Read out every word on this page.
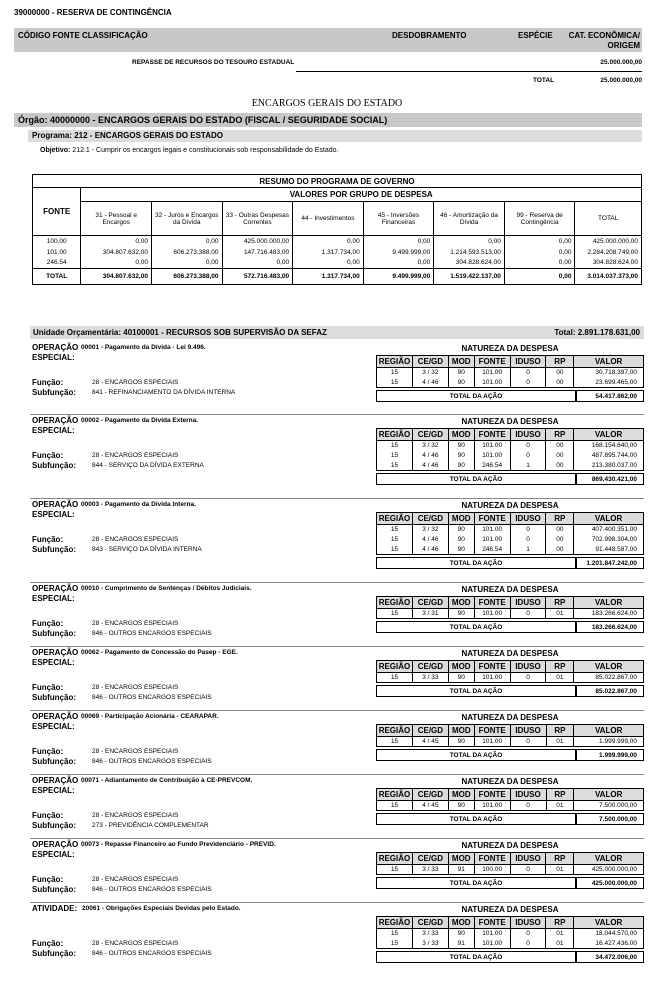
39000000 - RESERVA DE CONTINGÊNCIA
CÓDIGO FONTE CLASSIFICAÇÃO	DESDOBRAMENTO	ESPÉCIE CAT. ECONÔMICA/
ORIGEM
REPASSE DE RECURSOS DO TESOURO ESTADUAL	25.000.000,00
TOTAL	25.000.000,00
ENCARGOS GERAIS DO ESTADO
Órgão: 40000000 - ENCARGOS GERAIS DO ESTADO (FISCAL / SEGURIDADE SOCIAL)
Programa: 212 - ENCARGOS GERAIS DO ESTADO
Objetivo: 212.1 - Cumprir os encargos legais e constitucionais sob responsabilidade do Estado.
RESUMO DO PROGRAMA DE GOVERNO								
FONTE	VALORES POR GRUPO DE DESPESA							
	31 - Pessoal e Encargos	32 - Juros e Encargos da Dívida	33 - Outras Despesas Correntes	44 - Investimentos	45 - Inversões Financeiras	46 - Amortização da Dívida	99 - Reserva de Contingência	TOTAL
100.00	0,00	0,00	425.000.000,00	0,00	0,00	0,00	0,00	425.000.000,00
101.00	304.807.632,00	606.273.388,00	147.716.483,00	1.317.734,00	9.499.999,00	1.214.593.513,00	0,00	2.284.208.749,00
246.54	0,00	0,00	0,00	0,00	0,00	304.828.624,00	0,00	304.828.624,00
TOTAL	304.807.632,00	606.273.388,00	572.716.483,00	1.317.734,00	9.499.999,00	1.519.422.137,00	0,00	3.014.037.373,00
Unidade Orçamentária: 40100001 - RECURSOS SOB SUPERVISÃO DA SEFAZ	Total: 2.891.178.631,00
OPERAÇÃO
ESPECIAL:
00001 - Pagamento da Dívida - Lei 9.496.
Função:	28 - ENCARGOS ESPECIAIS
Subfunção: 841 - REFINANCIAMENTO DA DÍVIDA INTERNA
NATUREZA DA DESPESA
REGIÃO	CE/GD	MOD	FONTE	IDUSO	RP	VALOR
15	3 / 32	90	101.00	0	00	30.718.397,00
15	4 / 46	90	101.00	0	00	23.699.465,00
TOTAL DA AÇÃO	54.417.862,00
OPERAÇÃO
ESPECIAL:
00002 - Pagamento da Dívida Externa.
Função:	28 - ENCARGOS ESPECIAIS
Subfunção: 844 - SERVIÇO DA DÍVIDA EXTERNA
NATUREZA DA DESPESA
REGIÃO	CE/GD	MOD	FONTE	IDUSO	RP	VALOR
15	3 / 32	90	101.00	0	00	168.154.640,00
15	4 / 46	90	101.00	0	00	487.895.744,00
15	4 / 46	90	246.54	1	00	213.380.037,00
TOTAL DA AÇÃO	869.430.421,00
OPERAÇÃO
ESPECIAL:
00003 - Pagamento da Dívida Interna.
Função:	28 - ENCARGOS ESPECIAIS
Subfunção: 843 - SERVIÇO DA DÍVIDA INTERNA
NATUREZA DA DESPESA
REGIÃO	CE/GD	MOD	FONTE	IDUSO	RP	VALOR
15	3 / 32	90	101.00	0	00	407.400.351,00
15	4 / 46	90	101.00	0	00	702.998.304,00
15	4 / 46	90	246.54	1	00	91.448.587,00
TOTAL DA AÇÃO	1.201.847.242,00
OPERAÇÃO
ESPECIAL:
00010 - Cumprimento de Sentenças / Débitos Judiciais.
Função:	28 - ENCARGOS ESPECIAIS
Subfunção: 846 - OUTROS ENCARGOS ESPECIAIS
NATUREZA DA DESPESA
REGIÃO	CE/GD	MOD	FONTE	IDUSO	RP	VALOR
15	3 / 31	90	101.00	0	01	183.266.624,00
TOTAL DA AÇÃO	183.266.624,00
OPERAÇÃO
ESPECIAL:
00062 - Pagamento de Concessão do Pasep - EGE.
Função:	28 - ENCARGOS ESPECIAIS
Subfunção: 846 - OUTROS ENCARGOS ESPECIAIS
NATUREZA DA DESPESA
REGIÃO	CE/GD	MOD	FONTE	IDUSO	RP	VALOR
15	3 / 33	90	101.00	0	01	85.022.867,00
TOTAL DA AÇÃO	85.022.867,00
OPERAÇÃO
ESPECIAL:
00069 - Participação Acionária - CEARAPAR.
Função:	28 - ENCARGOS ESPECIAIS
Subfunção: 846 - OUTROS ENCARGOS ESPECIAIS
NATUREZA DA DESPESA
REGIÃO	CE/GD	MOD	FONTE	IDUSO	RP	VALOR
15	4 / 45	90	101.00	0	01	1.999.999,00
TOTAL DA AÇÃO	1.999.999,00
OPERAÇÃO
ESPECIAL:
00071 - Adiantamento de Contribuição à CE-PREVCOM.
Função:	28 - ENCARGOS ESPECIAIS
Subfunção: 273 - PREVIDÊNCIA COMPLEMENTAR
NATUREZA DA DESPESA
REGIÃO	CE/GD	MOD	FONTE	IDUSO	RP	VALOR
15	4 / 45	90	101.00	0	01	7.500.000,00
TOTAL DA AÇÃO	7.500.000,00
OPERAÇÃO
ESPECIAL:
00073 - Repasse Financeiro ao Fundo Previdenciário - PREVID.
Função:	28 - ENCARGOS ESPECIAIS
Subfunção: 846 - OUTROS ENCARGOS ESPECIAIS
NATUREZA DA DESPESA
REGIÃO	CE/GD	MOD	FONTE	IDUSO	RP	VALOR
15	3 / 33	91	100.00	0	01	425.000.000,00
TOTAL DA AÇÃO	425.000.000,00
ATIVIDADE: 20061 - Obrigações Especiais Devidas pelo Estado.
Função:	28 - ENCARGOS ESPECIAIS
Subfunção: 846 - OUTROS ENCARGOS ESPECIAIS
NATUREZA DA DESPESA
REGIÃO	CE/GD	MOD	FONTE	IDUSO	RP	VALOR
15	3 / 33	90	101.00	0	01	18.044.570,00
15	3 / 33	91	101.00	0	01	16.427.436,00
TOTAL DA AÇÃO	34.472.006,00
